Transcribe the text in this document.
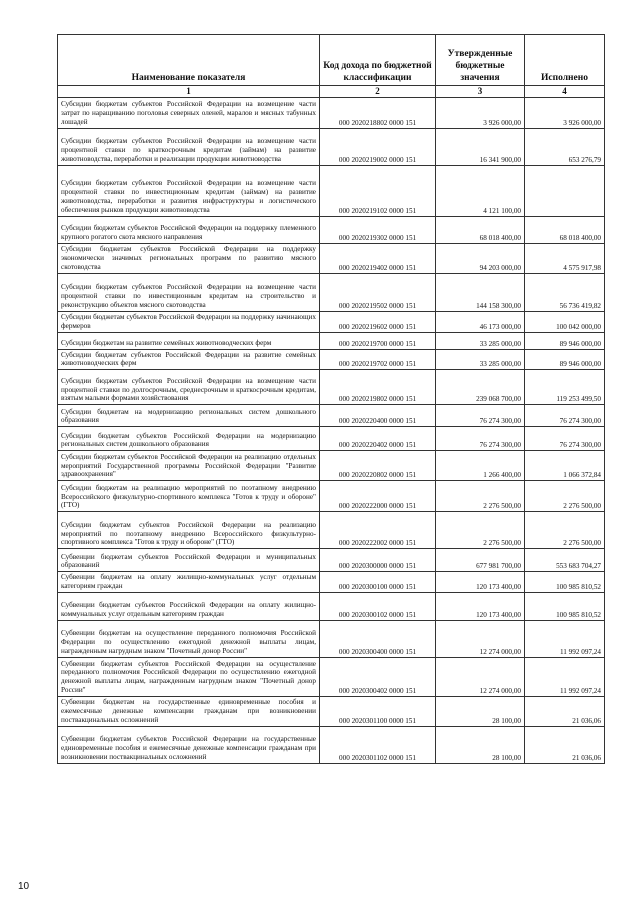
Наименование показателя	Код дохода по бюджетной классификации	Утвержденные бюджетные значения	Исполнено
1	2	3	4
Субсидии бюджетам субъектов Российской Федерации на возмещение части затрат по наращиванию поголовья северных оленей, маралов и мясных табунных лошадей	000 2020218802 0000 151	3 926 000,00	3 926 000,00
Субсидии бюджетам субъектов Российской Федерации на возмещение части процентной ставки по краткосрочным кредитам (займам) на развитие животноводства, переработки и реализации продукции животноводства	000 2020219002 0000 151	16 341 900,00	653 276,79
Субсидии бюджетам субъектов Российской Федерации на возмещение части процентной ставки по инвестиционным кредитам (займам) на развитие животноводства, переработки и развития инфраструктуры и логистического обеспечения рынков продукции животноводства	000 2020219102 0000 151	4 121 100,00	
Субсидии бюджетам субъектов Российской Федерации на поддержку племенного крупного рогатого скота мясного направления	000 2020219302 0000 151	68 018 400,00	68 018 400,00
Субсидии бюджетам субъектов Российской Федерации на поддержку экономически значимых региональных программ по развитию мясного скотоводства	000 2020219402 0000 151	94 203 000,00	4 575 917,98
Субсидии бюджетам субъектов Российской Федерации на возмещение части процентной ставки по инвестиционным кредитам на строительство и реконструкцию объектов мясного скотоводства	000 2020219502 0000 151	144 158 300,00	56 736 419,82
Субсидии бюджетам субъектов Российской Федерации на поддержку начинающих фермеров	000 2020219602 0000 151	46 173 000,00	100 042 000,00
Субсидии бюджетам на развитие семейных животноводческих ферм	000 2020219700 0000 151	33 285 000,00	89 946 000,00
Субсидии бюджетам субъектов Российской Федерации на развитие семейных животноводческих ферм	000 2020219702 0000 151	33 285 000,00	89 946 000,00
Субсидии бюджетам субъектов Российской Федерации на возмещение части процентной ставки по долгосрочным, среднесрочным и краткосрочным кредитам, взятым малыми формами хозяйствования	000 2020219802 0000 151	239 068 700,00	119 253 499,50
Субсидии бюджетам на модернизацию региональных систем дошкольного образования	000 2020220400 0000 151	76 274 300,00	76 274 300,00
Субсидии бюджетам субъектов Российской Федерации на модернизацию региональных систем дошкольного образования	000 2020220402 0000 151	76 274 300,00	76 274 300,00
Субсидии бюджетам субъектов Российской Федерации на реализацию отдельных мероприятий Государственной программы Российской Федерации "Развитие здравоохранения"	000 2020220802 0000 151	1 266 400,00	1 066 372,84
Субсидии бюджетам на реализацию мероприятий по поэтапному внедрению Всероссийского физкультурно-спортивного комплекса "Готов к труду и обороне" (ГТО)	000 2020222000 0000 151	2 276 500,00	2 276 500,00
Субсидии бюджетам субъектов Российской Федерации на реализацию мероприятий по поэтапному внедрению Всероссийского физкультурно-спортивного комплекса "Готов к труду и обороне" (ГТО)	000 2020222002 0000 151	2 276 500,00	2 276 500,00
Субвенции бюджетам субъектов Российской Федерации и муниципальных образований	000 2020300000 0000 151	677 981 700,00	553 683 704,27
Субвенции бюджетам на оплату жилищно-коммунальных услуг отдельным категориям граждан	000 2020300100 0000 151	120 173 400,00	100 985 810,52
Субвенции бюджетам субъектов Российской Федерации на оплату жилищно-коммунальных услуг отдельным категориям граждан	000 2020300102 0000 151	120 173 400,00	100 985 810,52
Субвенции бюджетам на осуществление переданного полномочия Российской Федерации по осуществлению ежегодной денежной выплаты лицам, награжденным нагрудным знаком "Почетный донор России"	000 2020300400 0000 151	12 274 000,00	11 992 097,24
Субвенции бюджетам субъектов Российской Федерации на осуществление переданного полномочия Российской Федерации по осуществлению ежегодной денежной выплаты лицам, награжденным нагрудным знаком "Почетный донор России"	000 2020300402 0000 151	12 274 000,00	11 992 097,24
Субвенции бюджетам на государственные единовременные пособия и ежемесячные денежные компенсации гражданам при возникновении поствакцинальных осложнений	000 2020301100 0000 151	28 100,00	21 036,06
Субвенции бюджетам субъектов Российской Федерации на государственные единовременные пособия и ежемесячные денежные компенсации гражданам при возникновении поствакцинальных осложнений	000 2020301102 0000 151	28 100,00	21 036,06
10
